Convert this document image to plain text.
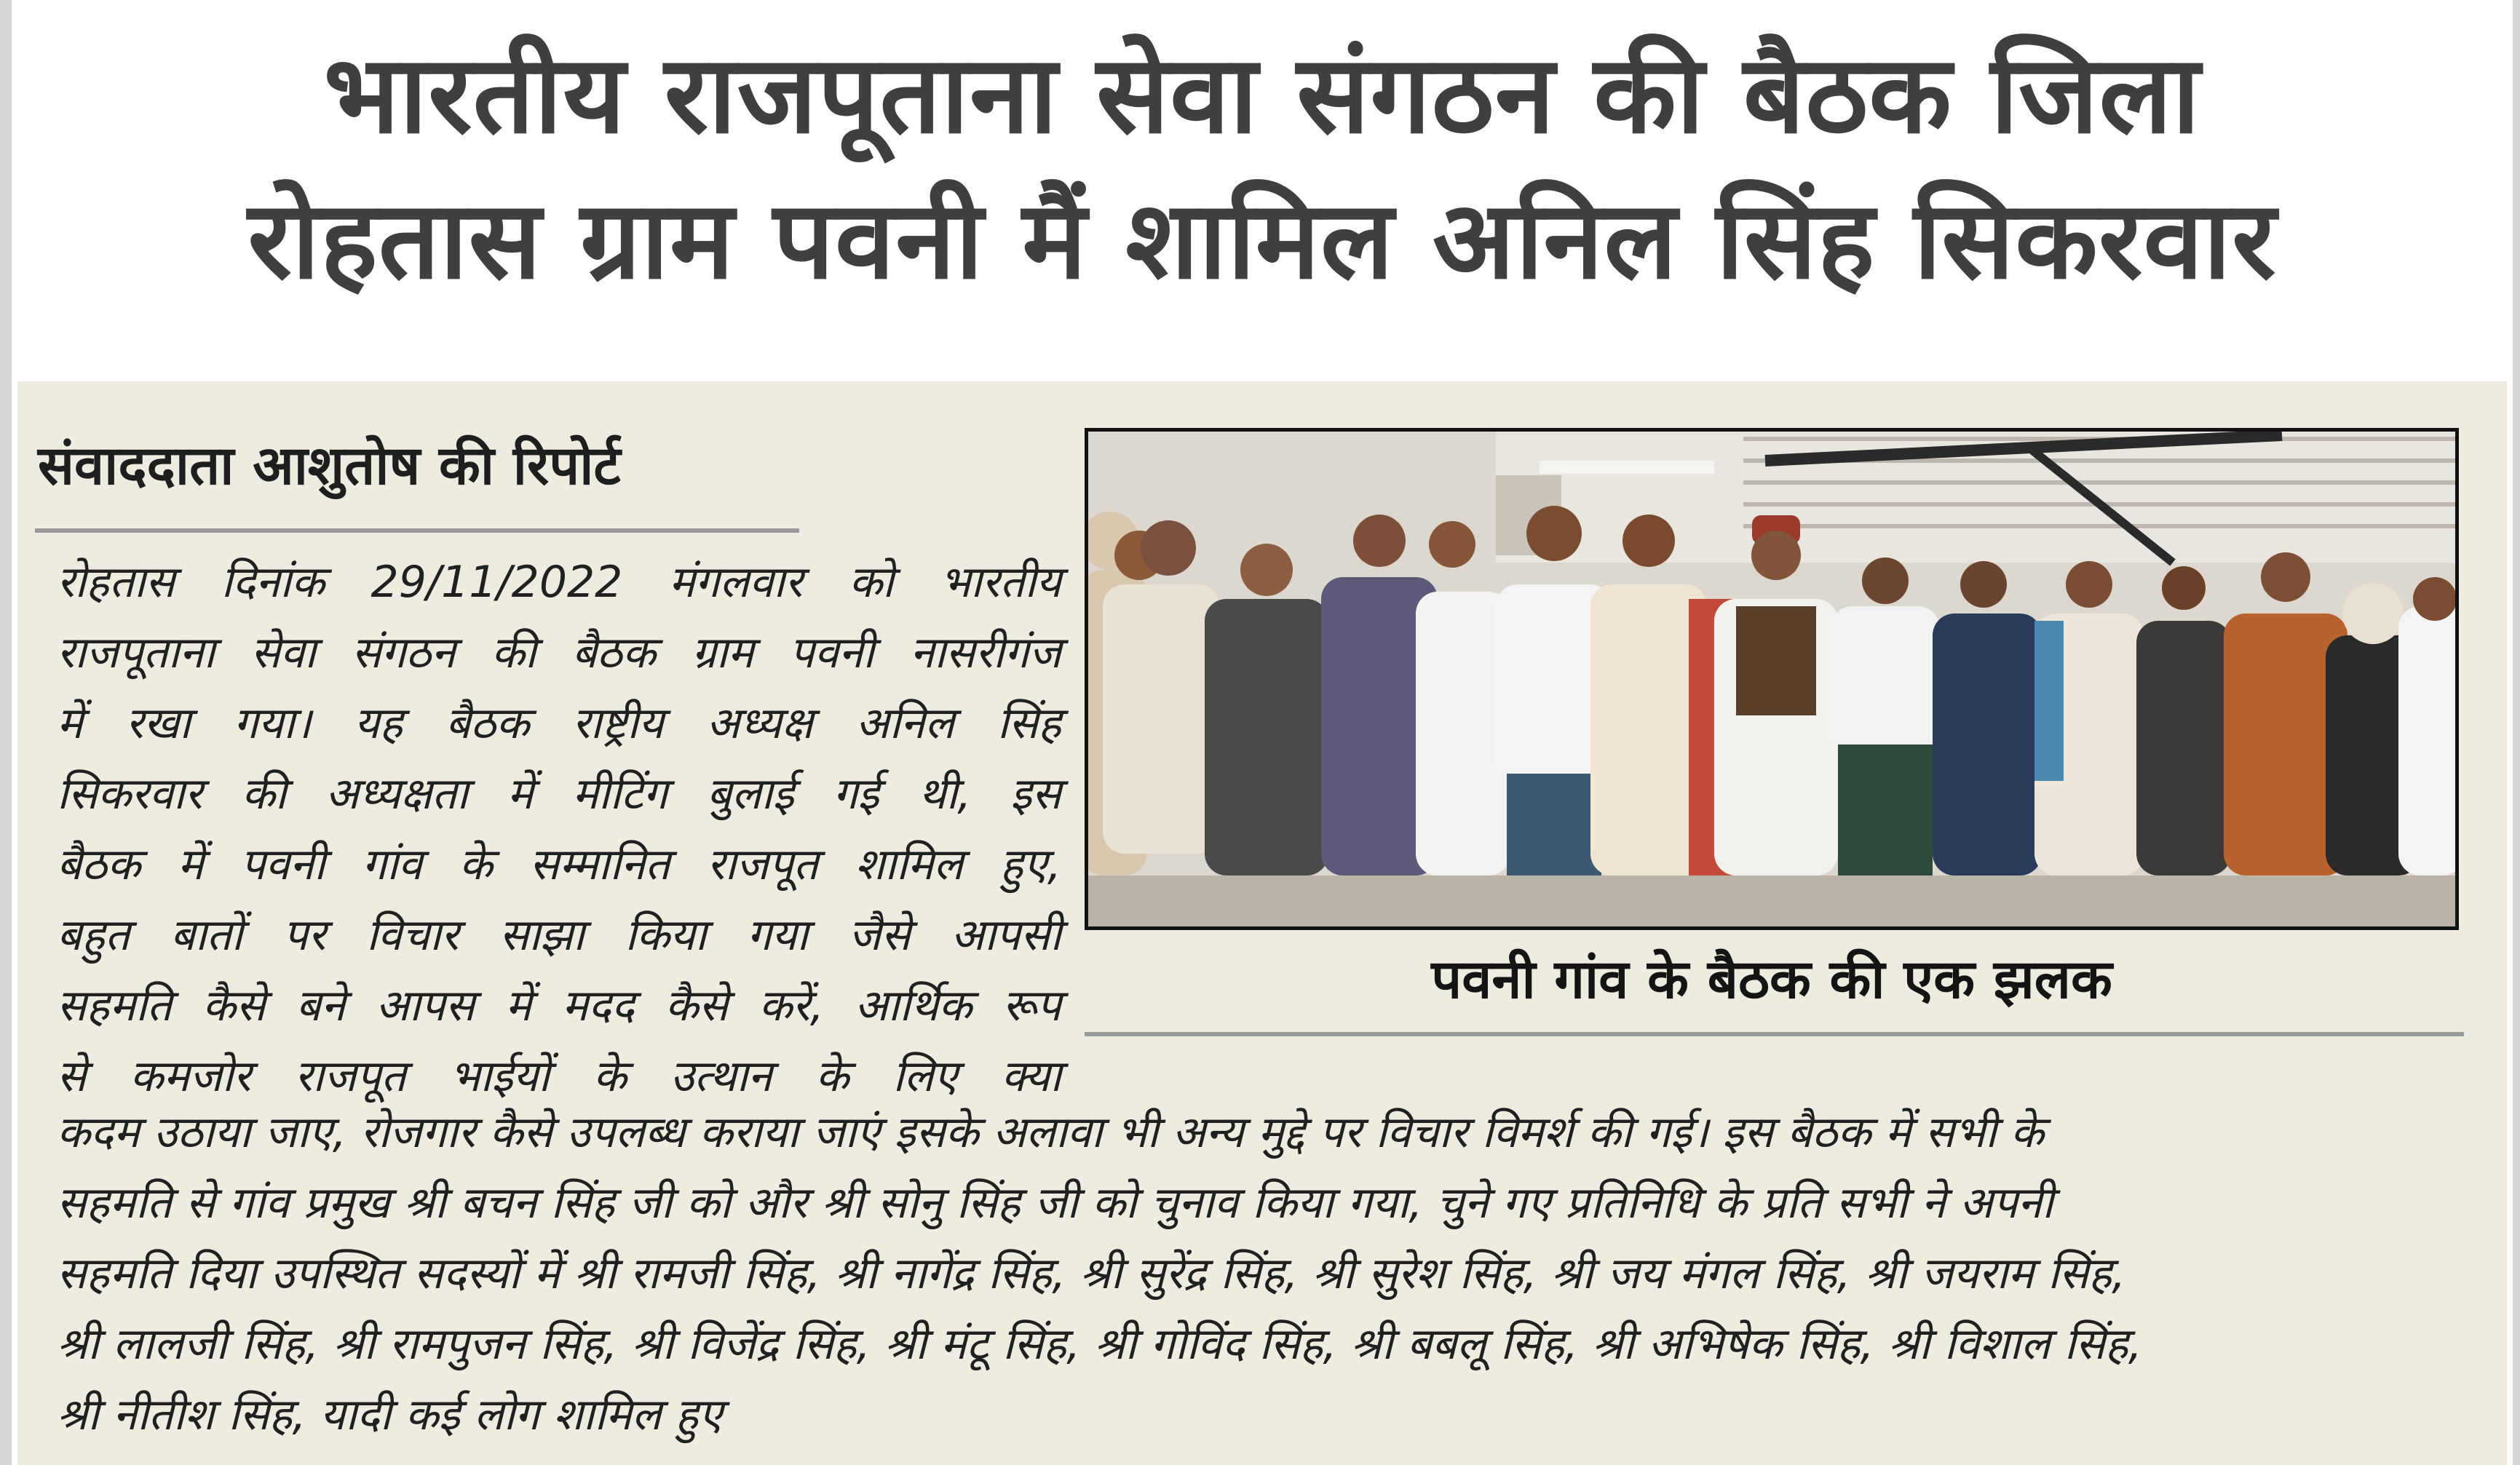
भारतीय राजपूताना सेवा संगठन की बैठक जिला
रोहतास ग्राम पवनी मैं शामिल अनिल सिंह सिकरवार
संवाददाता आशुतोष की रिपोर्ट

रोहतास दिनांक 29/11/2022 मंगलवार को भारतीय
राजपूताना सेवा संगठन की बैठक ग्राम पवनी नासरीगंज
में रखा गया। यह बैठक राष्ट्रीय अध्यक्ष अनिल सिंह
सिकरवार की अध्यक्षता में मीटिंग बुलाई गई थी, इस
बैठक में पवनी गांव के सम्मानित राजपूत शामिल हुए,
बहुत बातों पर विचार साझा किया गया जैसे आपसी
सहमति कैसे बने आपस में मदद कैसे करें, आर्थिक रूप
से कमजोर राजपूत भाईयों के उत्थान के लिए क्या

पवनी गांव के बैठक की एक झलक

कदम उठाया जाए, रोजगार कैसे उपलब्ध कराया जाएं इसके अलावा भी अन्य मुद्दे पर विचार विमर्श की गई। इस बैठक में सभी के
सहमति से गांव प्रमुख श्री बचन सिंह जी को और श्री सोनु सिंह जी को चुनाव किया गया, चुने गए प्रतिनिधि के प्रति सभी ने अपनी
सहमति दिया उपस्थित सदस्यों में श्री रामजी सिंह, श्री नागेंद्र सिंह, श्री सुरेंद्र सिंह, श्री सुरेश सिंह, श्री जय मंगल सिंह, श्री जयराम सिंह,
श्री लालजी सिंह, श्री रामपुजन सिंह, श्री विजेंद्र सिंह, श्री मंटू सिंह, श्री गोविंद सिंह, श्री बबलू सिंह, श्री अभिषेक सिंह, श्री विशाल सिंह,
श्री नीतीश सिंह, यादी कई लोग शामिल हुए
